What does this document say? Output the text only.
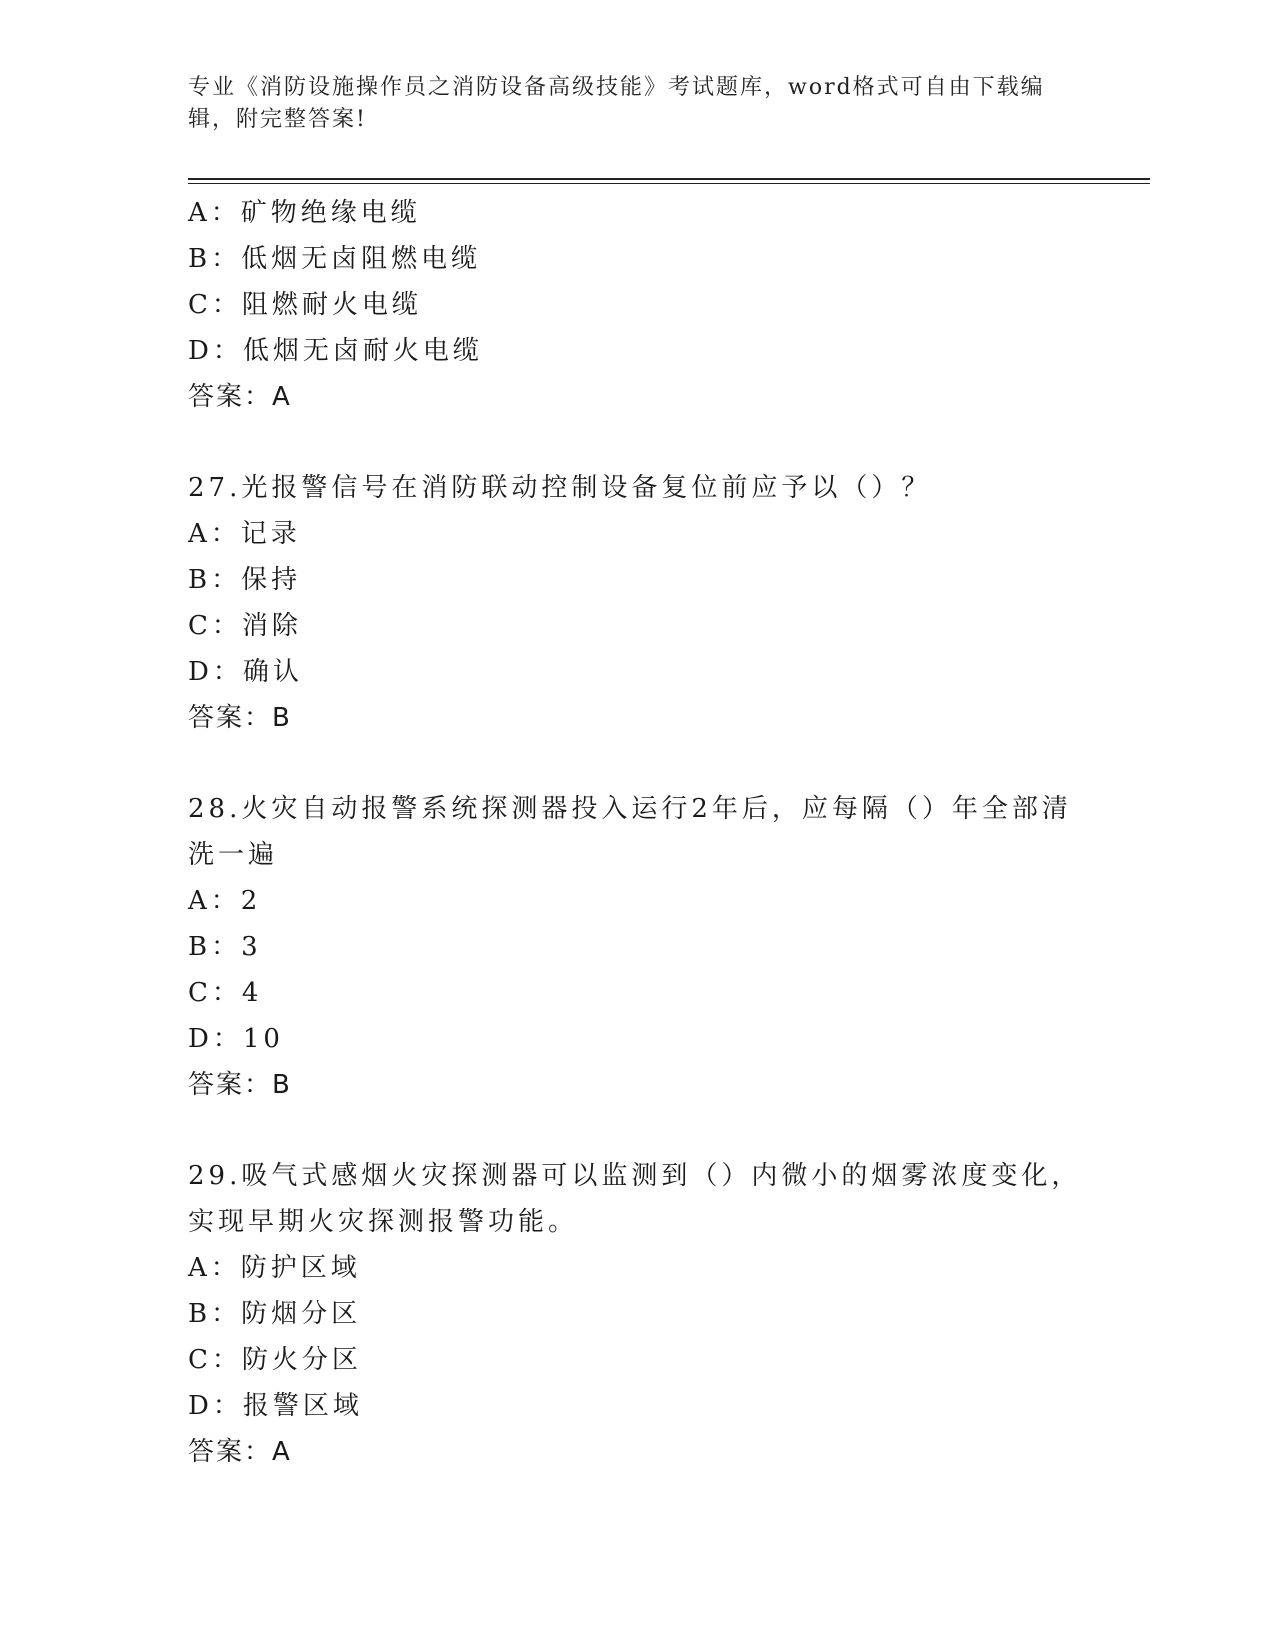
专业《消防设施操作员之消防设备高级技能》考试题库，word格式可自由下载编辑，附完整答案!
A：矿物绝缘电缆
B：低烟无卤阻燃电缆
C：阻燃耐火电缆
D：低烟无卤耐火电缆
答案：A
27.光报警信号在消防联动控制设备复位前应予以（）？
A：记录
B：保持
C：消除
D：确认
答案：B
28.火灾自动报警系统探测器投入运行2年后，应每隔（）年全部清洗一遍
A：2
B：3
C：4
D：10
答案：B
29.吸气式感烟火灾探测器可以监测到（）内微小的烟雾浓度变化，实现早期火灾探测报警功能。
A：防护区域
B：防烟分区
C：防火分区
D：报警区域
答案：A
